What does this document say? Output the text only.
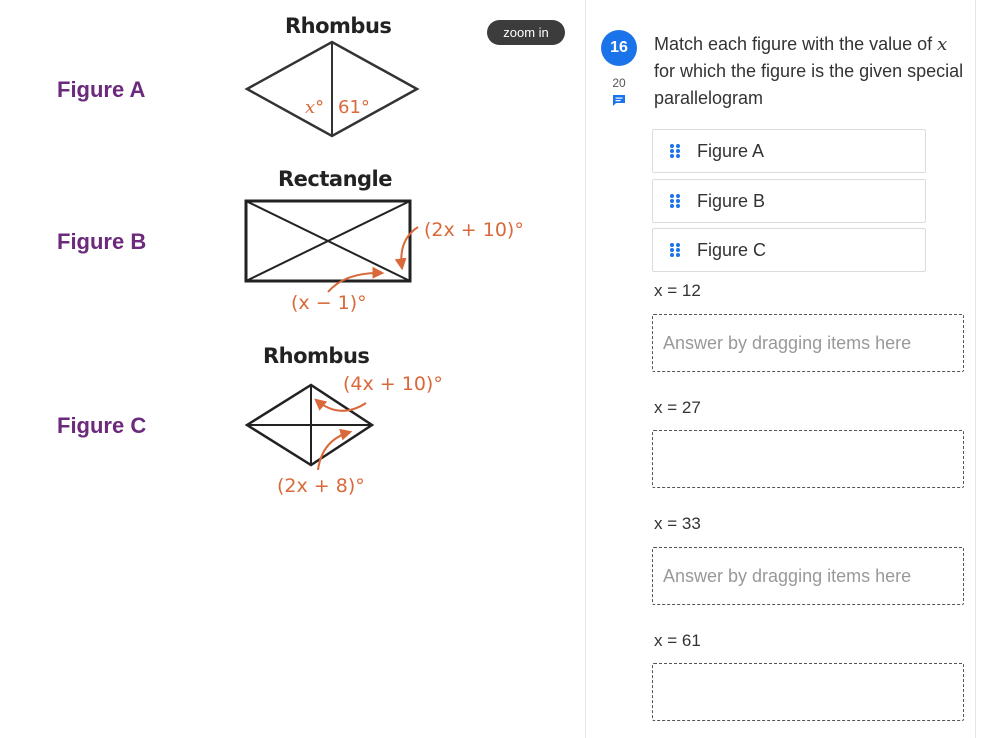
Figure A
Rhombus
Figure B
Rectangle
Figure C
Rhombus
x° 61°
(2x + 10)°
(x − 1)°
(4x + 10)°
(2x + 8)°
zoom in
16
20
Match each figure with the value of x for which the figure is the given special parallelogram
Figure A
Figure B
Figure C
x = 12
Answer by dragging items here
x = 27
x = 33
Answer by dragging items here
x = 61
